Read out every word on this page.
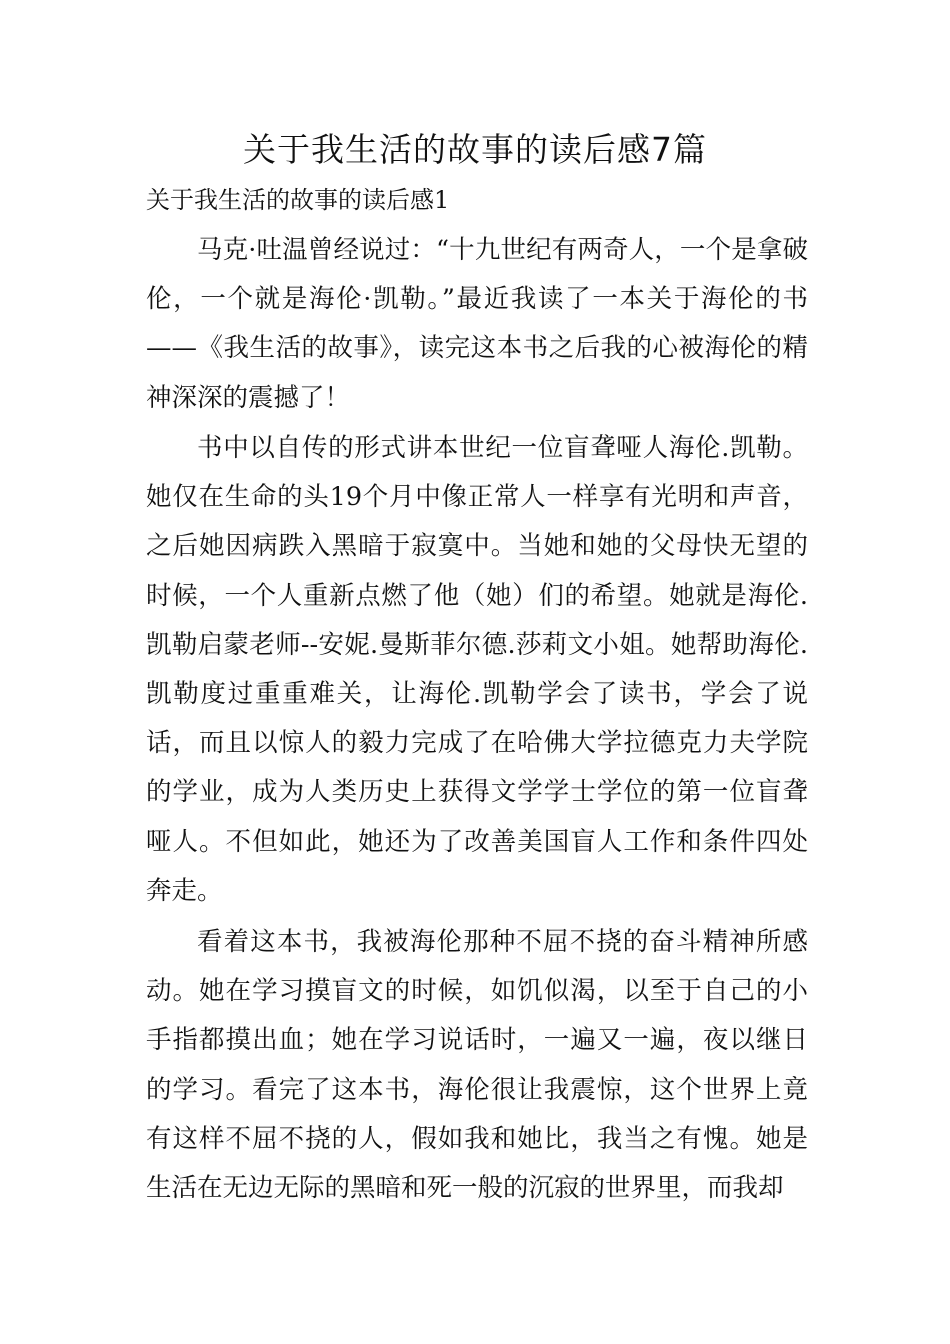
关于我生活的故事的读后感7篇
关于我生活的故事的读后感1

马克·吐温曾经说过：“十九世纪有两奇人，一个是拿破伦，一个就是海伦·凯勒。”最近我读了一本关于海伦的书——《我生活的故事》，读完这本书之后我的心被海伦的精神深深的震撼了！

书中以自传的形式讲本世纪一位盲聋哑人海伦.凯勒。她仅在生命的头19个月中像正常人一样享有光明和声音，之后她因病跌入黑暗于寂寞中。当她和她的父母快无望的时候，一个人重新点燃了他（她）们的希望。她就是海伦.凯勒启蒙老师--安妮.曼斯菲尔德.莎莉文小姐。她帮助海伦.凯勒度过重重难关，让海伦.凯勒学会了读书，学会了说话，而且以惊人的毅力完成了在哈佛大学拉德克力夫学院的学业，成为人类历史上获得文学学士学位的第一位盲聋哑人。不但如此，她还为了改善美国盲人工作和条件四处奔走。

看着这本书，我被海伦那种不屈不挠的奋斗精神所感动。她在学习摸盲文的时候，如饥似渴，以至于自己的小手指都摸出血；她在学习说话时，一遍又一遍，夜以继日的学习。看完了这本书，海伦很让我震惊，这个世界上竟有这样不屈不挠的人，假如我和她比，我当之有愧。她是生活在无边无际的黑暗和死一般的沉寂的世界里，而我却
